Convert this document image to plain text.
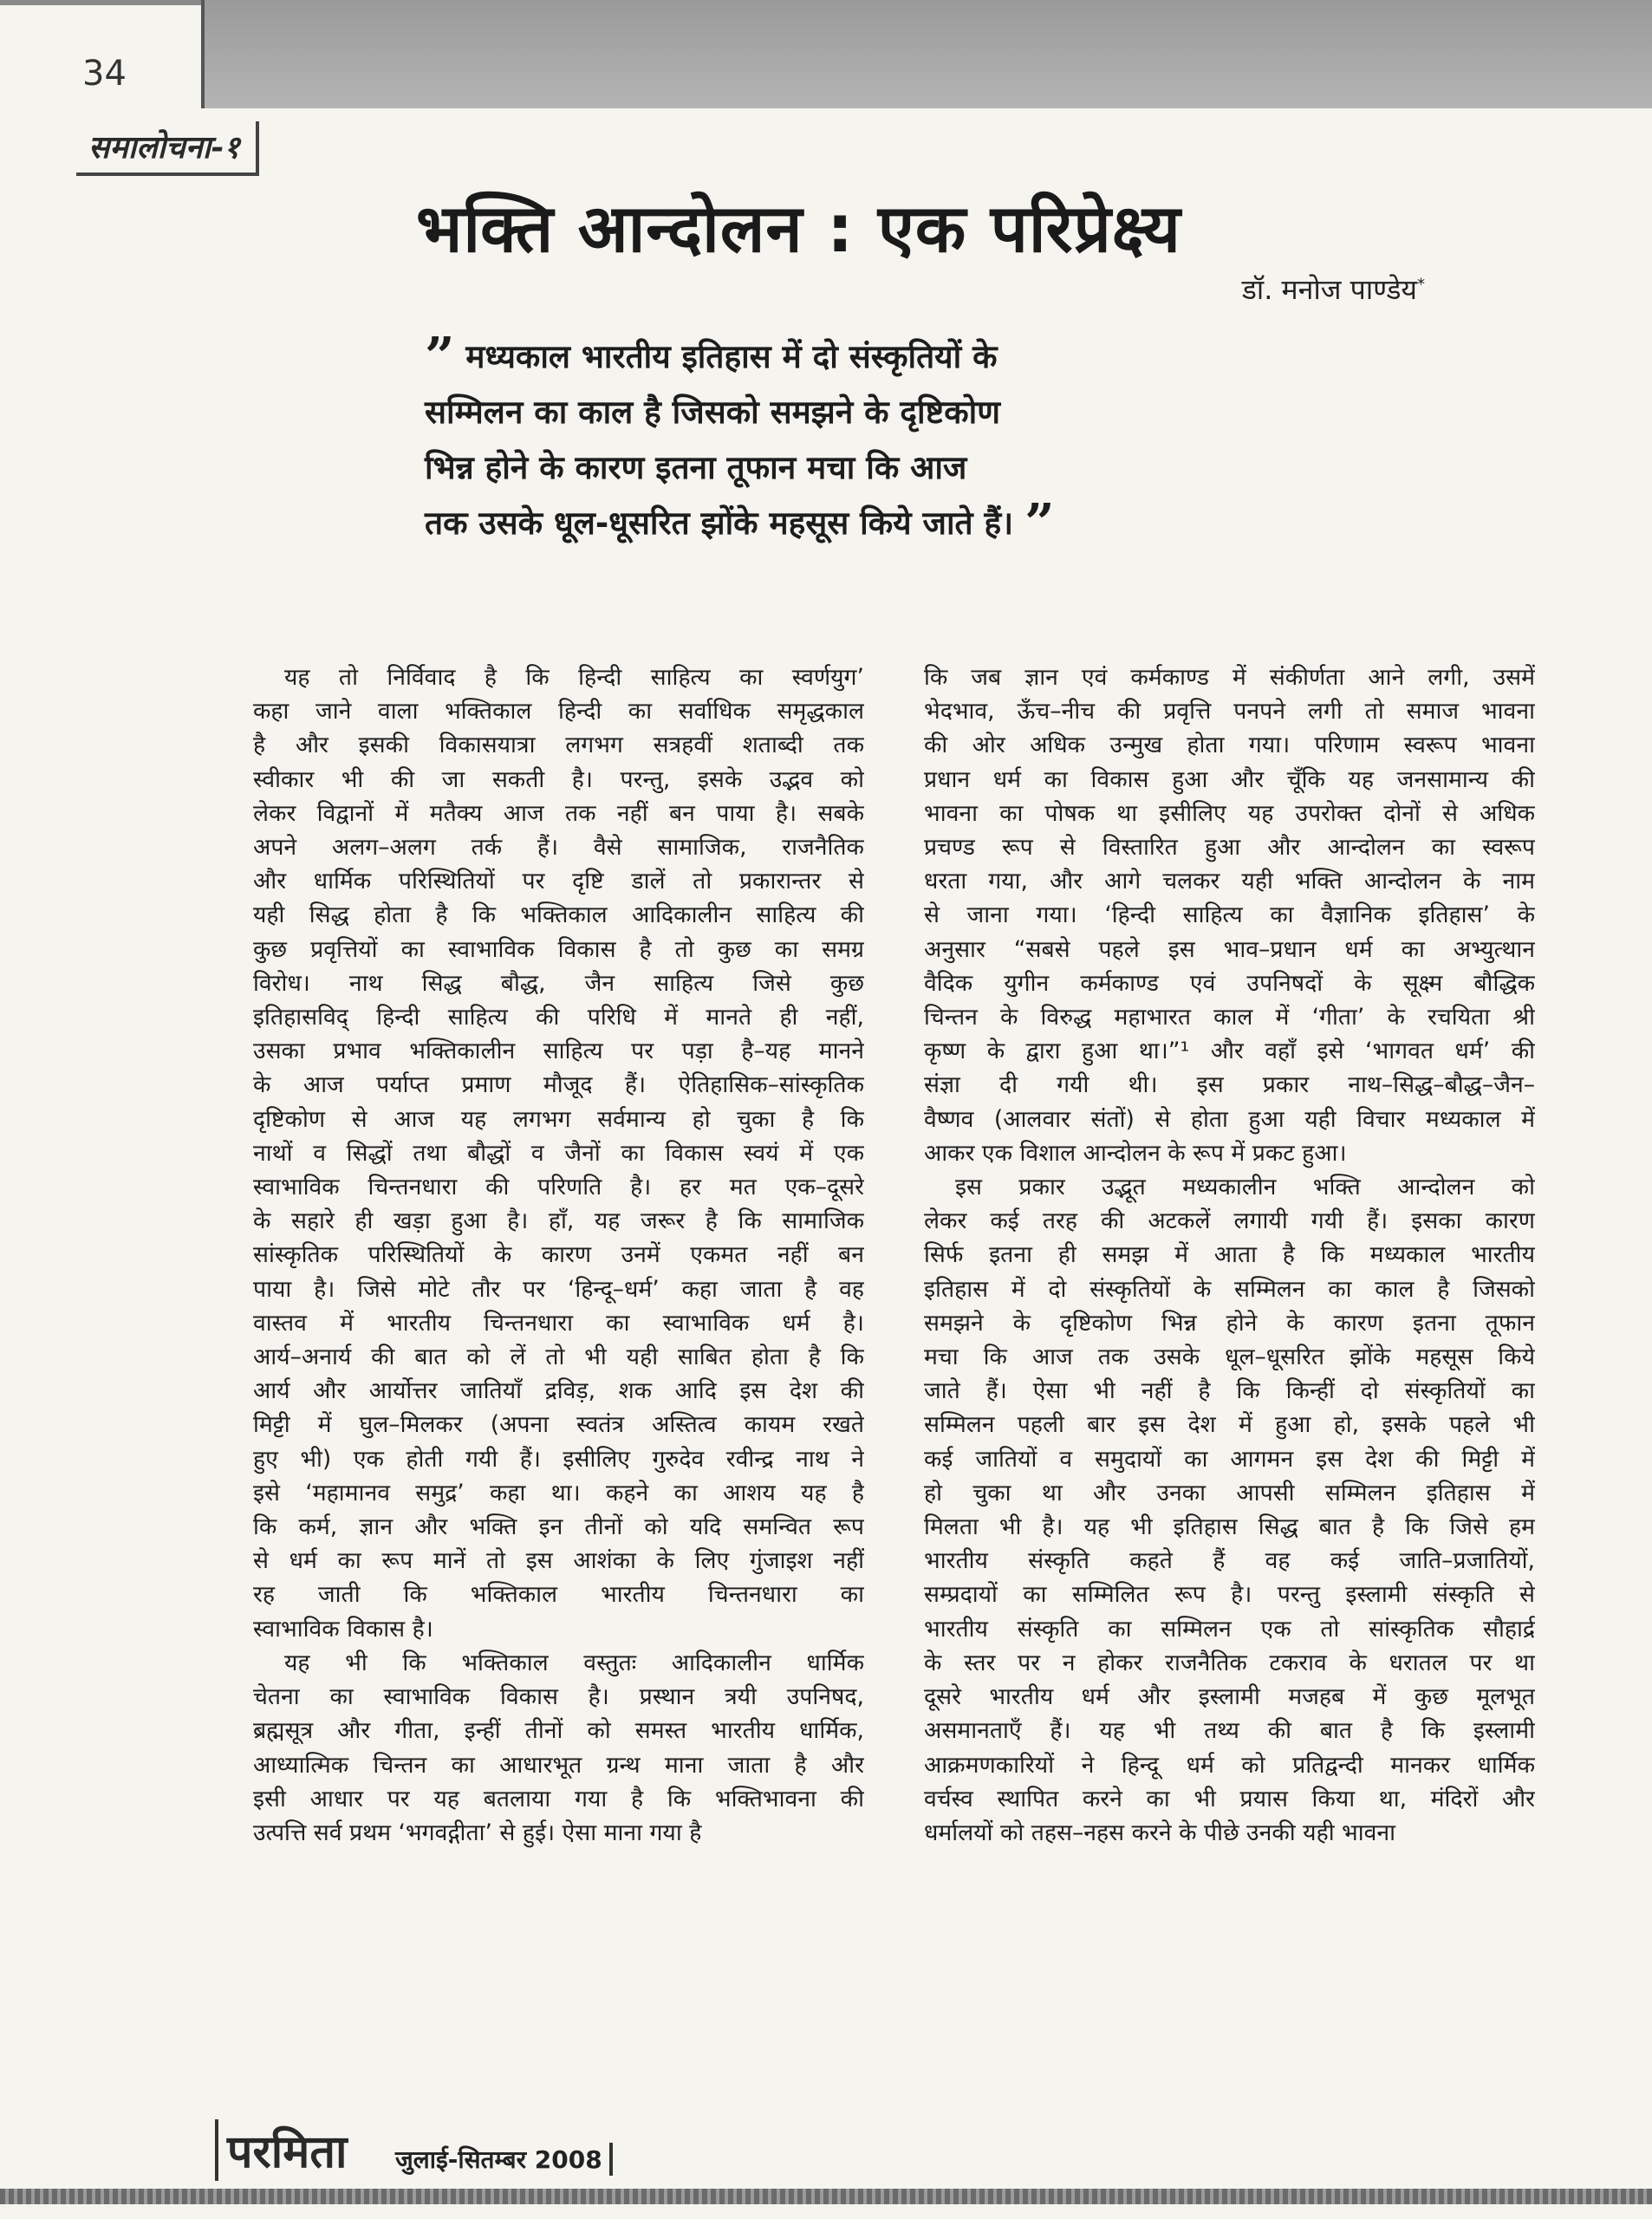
34
समालोचना-१
भक्ति आन्दोलन : एक परिप्रेक्ष्य
डॉ. मनोज पाण्डेय*
” मध्यकाल भारतीय इतिहास में दो संस्कृतियों के
सम्मिलन का काल है जिसको समझने के दृष्टिकोण
भिन्न होने के कारण इतना तूफान मचा कि आज
तक उसके धूल-धूसरित झोंके महसूस किये जाते हैं। ”
यह तो निर्विवाद है कि हिन्दी साहित्य का स्वर्णयुग’
कहा जाने वाला भक्तिकाल हिन्दी का सर्वाधिक समृद्धकाल
है और इसकी विकासयात्रा लगभग सत्रहवीं शताब्दी तक
स्वीकार भी की जा सकती है। परन्तु, इसके उद्भव को
लेकर विद्वानों में मतैक्य आज तक नहीं बन पाया है। सबके
अपने अलग–अलग तर्क हैं। वैसे सामाजिक, राजनैतिक
और धार्मिक परिस्थितियों पर दृष्टि डालें तो प्रकारान्तर से
यही सिद्ध होता है कि भक्तिकाल आदिकालीन साहित्य की
कुछ प्रवृत्तियों का स्वाभाविक विकास है तो कुछ का समग्र
विरोध। नाथ सिद्ध बौद्ध, जैन साहित्य जिसे कुछ
इतिहासविद् हिन्दी साहित्य की परिधि में मानते ही नहीं,
उसका प्रभाव भक्तिकालीन साहित्य पर पड़ा है–यह मानने
के आज पर्याप्त प्रमाण मौजूद हैं। ऐतिहासिक–सांस्कृतिक
दृष्टिकोण से आज यह लगभग सर्वमान्य हो चुका है कि
नाथों व सिद्धों तथा बौद्धों व जैनों का विकास स्वयं में एक
स्वाभाविक चिन्तनधारा की परिणति है। हर मत एक–दूसरे
के सहारे ही खड़ा हुआ है। हाँ, यह जरूर है कि सामाजिक
सांस्कृतिक परिस्थितियों के कारण उनमें एकमत नहीं बन
पाया है। जिसे मोटे तौर पर ‘हिन्दू–धर्म’ कहा जाता है वह
वास्तव में भारतीय चिन्तनधारा का स्वाभाविक धर्म है।
आर्य–अनार्य की बात को लें तो भी यही साबित होता है कि
आर्य और आर्योत्तर जातियाँ द्रविड़, शक आदि इस देश की
मिट्टी में घुल–मिलकर (अपना स्वतंत्र अस्तित्व कायम रखते
हुए भी) एक होती गयी हैं। इसीलिए गुरुदेव रवीन्द्र नाथ ने
इसे ‘महामानव समुद्र’ कहा था। कहने का आशय यह है
कि कर्म, ज्ञान और भक्ति इन तीनों को यदि समन्वित रूप
से धर्म का रूप मानें तो इस आशंका के लिए गुंजाइश नहीं
रह जाती कि भक्तिकाल भारतीय चिन्तनधारा का
स्वाभाविक विकास है।
यह भी कि भक्तिकाल वस्तुतः आदिकालीन धार्मिक
चेतना का स्वाभाविक विकास है। प्रस्थान त्रयी उपनिषद,
ब्रह्मसूत्र और गीता, इन्हीं तीनों को समस्त भारतीय धार्मिक,
आध्यात्मिक चिन्तन का आधारभूत ग्रन्थ माना जाता है और
इसी आधार पर यह बतलाया गया है कि भक्तिभावना की
उत्पत्ति सर्व प्रथम ‘भगवद्गीता’ से हुई। ऐसा माना गया है
कि जब ज्ञान एवं कर्मकाण्ड में संकीर्णता आने लगी, उसमें
भेदभाव, ऊँच–नीच की प्रवृत्ति पनपने लगी तो समाज भावना
की ओर अधिक उन्मुख होता गया। परिणाम स्वरूप भावना
प्रधान धर्म का विकास हुआ और चूँकि यह जनसामान्य की
भावना का पोषक था इसीलिए यह उपरोक्त दोनों से अधिक
प्रचण्ड रूप से विस्तारित हुआ और आन्दोलन का स्वरूप
धरता गया, और आगे चलकर यही भक्ति आन्दोलन के नाम
से जाना गया। ‘हिन्दी साहित्य का वैज्ञानिक इतिहास’ के
अनुसार “सबसे पहले इस भाव–प्रधान धर्म का अभ्युत्थान
वैदिक युगीन कर्मकाण्ड एवं उपनिषदों के सूक्ष्म बौद्धिक
चिन्तन के विरुद्ध महाभारत काल में ‘गीता’ के रचयिता श्री
कृष्ण के द्वारा हुआ था।”¹ और वहाँ इसे ‘भागवत धर्म’ की
संज्ञा दी गयी थी। इस प्रकार नाथ–सिद्ध–बौद्ध–जैन–
वैष्णव (आलवार संतों) से होता हुआ यही विचार मध्यकाल में
आकर एक विशाल आन्दोलन के रूप में प्रकट हुआ।
इस प्रकार उद्भूत मध्यकालीन भक्ति आन्दोलन को
लेकर कई तरह की अटकलें लगायी गयी हैं। इसका कारण
सिर्फ इतना ही समझ में आता है कि मध्यकाल भारतीय
इतिहास में दो संस्कृतियों के सम्मिलन का काल है जिसको
समझने के दृष्टिकोण भिन्न होने के कारण इतना तूफान
मचा कि आज तक उसके धूल–धूसरित झोंके महसूस किये
जाते हैं। ऐसा भी नहीं है कि किन्हीं दो संस्कृतियों का
सम्मिलन पहली बार इस देश में हुआ हो, इसके पहले भी
कई जातियों व समुदायों का आगमन इस देश की मिट्टी में
हो चुका था और उनका आपसी सम्मिलन इतिहास में
मिलता भी है। यह भी इतिहास सिद्ध बात है कि जिसे हम
भारतीय संस्कृति कहते हैं वह कई जाति–प्रजातियों,
सम्प्रदायों का सम्मिलित रूप है। परन्तु इस्लामी संस्कृति से
भारतीय संस्कृति का सम्मिलन एक तो सांस्कृतिक सौहार्द्र
के स्तर पर न होकर राजनैतिक टकराव के धरातल पर था
दूसरे भारतीय धर्म और इस्लामी मजहब में कुछ मूलभूत
असमानताएँ हैं। यह भी तथ्य की बात है कि इस्लामी
आक्रमणकारियों ने हिन्दू धर्म को प्रतिद्वन्दी मानकर धार्मिक
वर्चस्व स्थापित करने का भी प्रयास किया था, मंदिरों और
धर्मालयों को तहस–नहस करने के पीछे उनकी यही भावना
परमिता जुलाई-सितम्बर 2008
